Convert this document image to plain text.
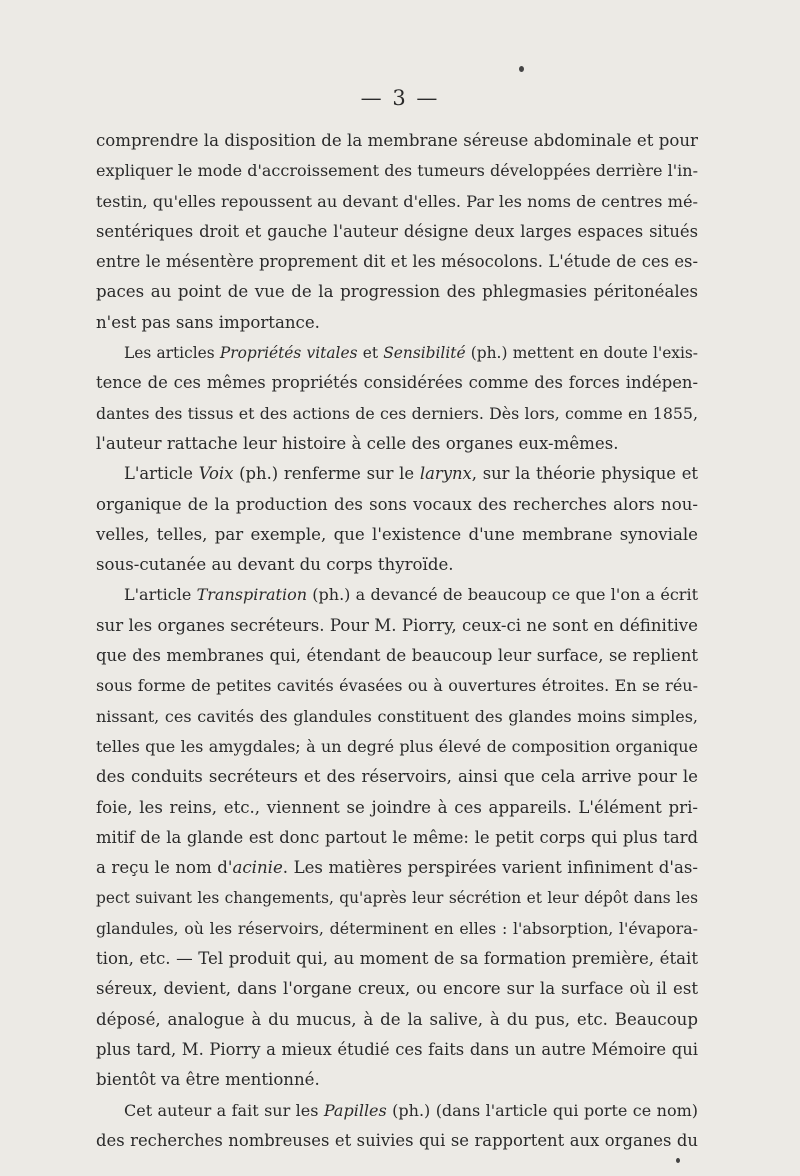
— 3 —
comprendre la disposition de la membrane séreuse abdominale et pour
expliquer le mode d'accroissement des tumeurs développées derrière l'in-
testin, qu'elles repoussent au devant d'elles. Par les noms de centres mé-
sentériques droit et gauche l'auteur désigne deux larges espaces situés
entre le mésentère proprement dit et les mésocolons. L'étude de ces es-
paces au point de vue de la progression des phlegmasies péritonéales
n'est pas sans importance.
Les articles Propriétés vitales et Sensibilité (ph.) mettent en doute l'exis-
tence de ces mêmes propriétés considérées comme des forces indépen-
dantes des tissus et des actions de ces derniers. Dès lors, comme en 1855,
l'auteur rattache leur histoire à celle des organes eux-mêmes.
L'article Voix (ph.) renferme sur le larynx, sur la théorie physique et
organique de la production des sons vocaux des recherches alors nou-
velles, telles, par exemple, que l'existence d'une membrane synoviale
sous-cutanée au devant du corps thyroïde.
L'article Transpiration (ph.) a devancé de beaucoup ce que l'on a écrit
sur les organes secréteurs. Pour M. Piorry, ceux-ci ne sont en définitive
que des membranes qui, étendant de beaucoup leur surface, se replient
sous forme de petites cavités évasées ou à ouvertures étroites. En se réu-
nissant, ces cavités des glandules constituent des glandes moins simples,
telles que les amygdales; à un degré plus élevé de composition organique
des conduits secréteurs et des réservoirs, ainsi que cela arrive pour le
foie, les reins, etc., viennent se joindre à ces appareils. L'élément pri-
mitif de la glande est donc partout le même: le petit corps qui plus tard
a reçu le nom d'acinie. Les matières perspirées varient infiniment d'as-
pect suivant les changements, qu'après leur sécrétion et leur dépôt dans les
glandules, où les réservoirs, déterminent en elles : l'absorption, l'évapora-
tion, etc. — Tel produit qui, au moment de sa formation première, était
séreux, devient, dans l'organe creux, ou encore sur la surface où il est
déposé, analogue à du mucus, à de la salive, à du pus, etc. Beaucoup
plus tard, M. Piorry a mieux étudié ces faits dans un autre Mémoire qui
bientôt va être mentionné.
Cet auteur a fait sur les Papilles (ph.) (dans l'article qui porte ce nom)
des recherches nombreuses et suivies qui se rapportent aux organes du
